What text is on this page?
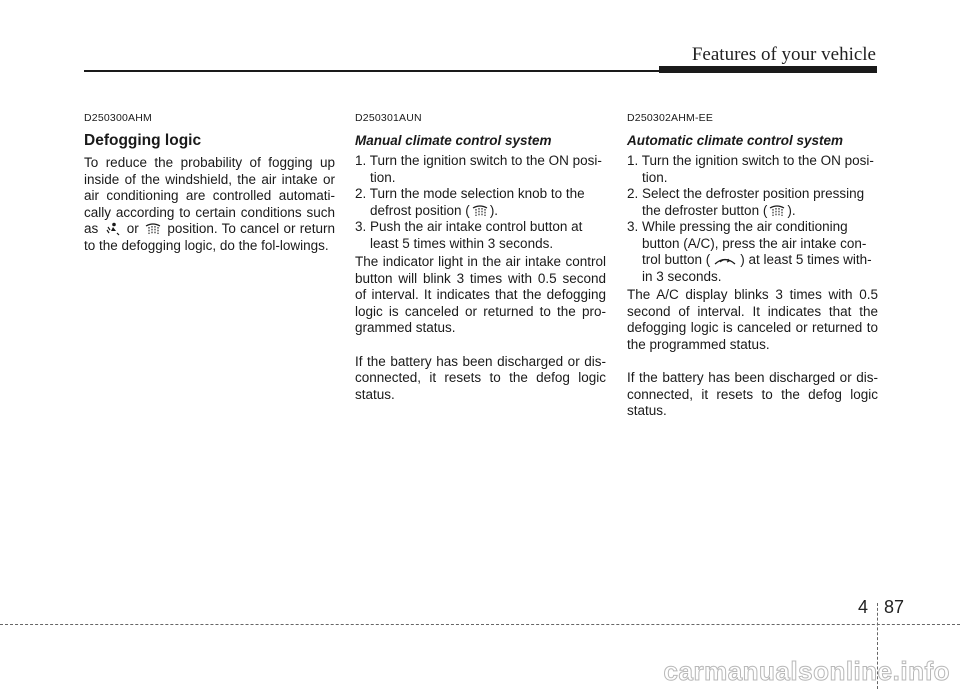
Features of your vehicle
D250300AHM
Defogging logic

To reduce the probability of fogging up inside of the windshield, the air intake or air conditioning are controlled automati-cally according to certain conditions such as or position. To cancel or return to the defogging logic, do the fol-lowings.

D250301AUN
Manual climate control system
1. Turn the ignition switch to the ON posi-tion.
2. Turn the mode selection knob to the defrost position ( ).
3. Push the air intake control button at least 5 times within 3 seconds.

The indicator light in the air intake control button will blink 3 times with 0.5 second of interval. It indicates that the defogging logic is canceled or returned to the pro-grammed status.

If the battery has been discharged or dis-connected, it resets to the defog logic status.

D250302AHM-EE
Automatic climate control system
1. Turn the ignition switch to the ON posi-tion.
2. Select the defroster position pressing the defroster button ( ).
3. While pressing the air conditioning button (A/C), press the air intake con-trol button ( ) at least 5 times with-in 3 seconds.

The A/C display blinks 3 times with 0.5 second of interval. It indicates that the defogging logic is canceled or returned to the programmed status.

If the battery has been discharged or dis-connected, it resets to the defog logic status.

4 87
carmanualsonline.info
